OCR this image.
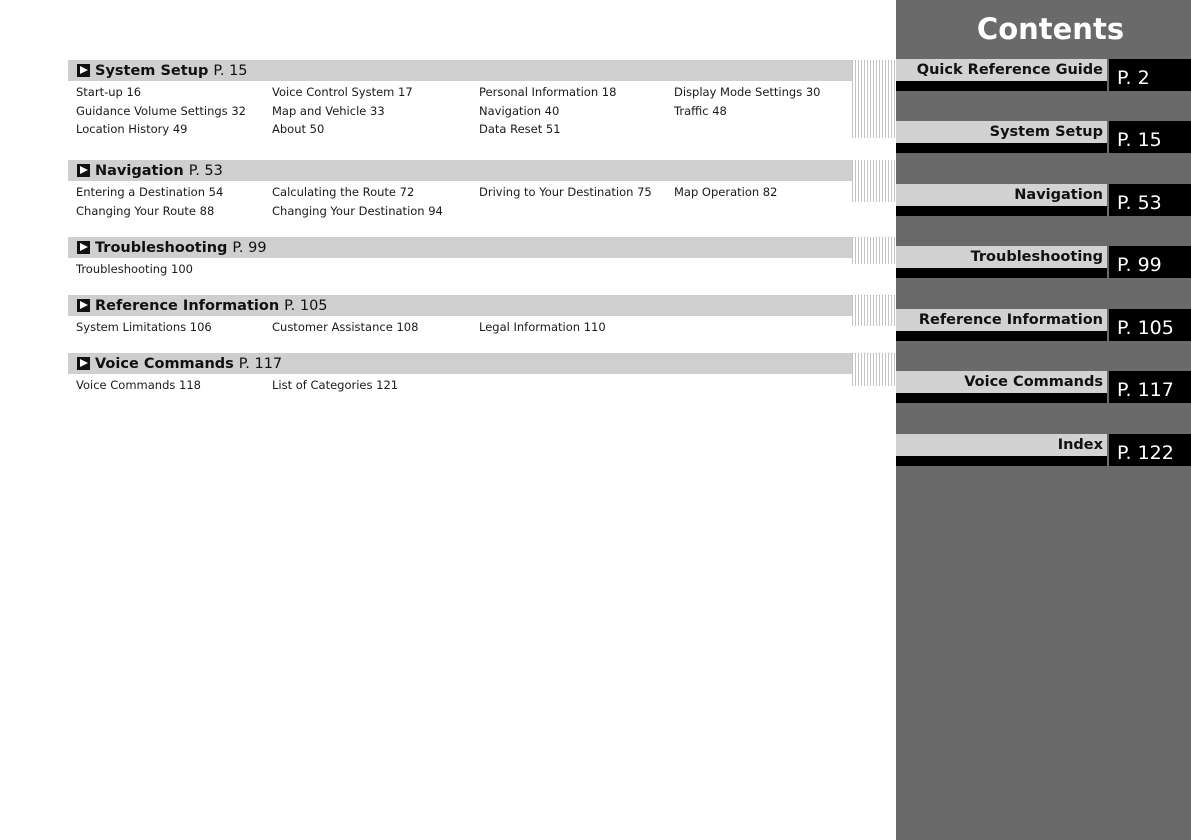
System Setup P. 15
Start-up 16	Voice Control System 17	Personal Information 18	Display Mode Settings 30
Guidance Volume Settings 32 Map and Vehicle 33	Navigation 40	Traffic 48
Location History 49	About 50	Data Reset 51
Navigation P. 53
Entering a Destination 54	Calculating the Route 72	Driving to Your Destination 75 Map Operation 82
Changing Your Route 88	Changing Your Destination 94
Troubleshooting P. 99
Troubleshooting 100
Reference Information P. 105
System Limitations 106	Customer Assistance 108	Legal Information 110
Voice Commands P. 117
Voice Commands 118	List of Categories 121
Contents
Quick Reference Guide P. 2
System Setup P. 15
Navigation P. 53
Troubleshooting P. 99
Reference Information P. 105
Voice Commands P. 117
Index P. 122
